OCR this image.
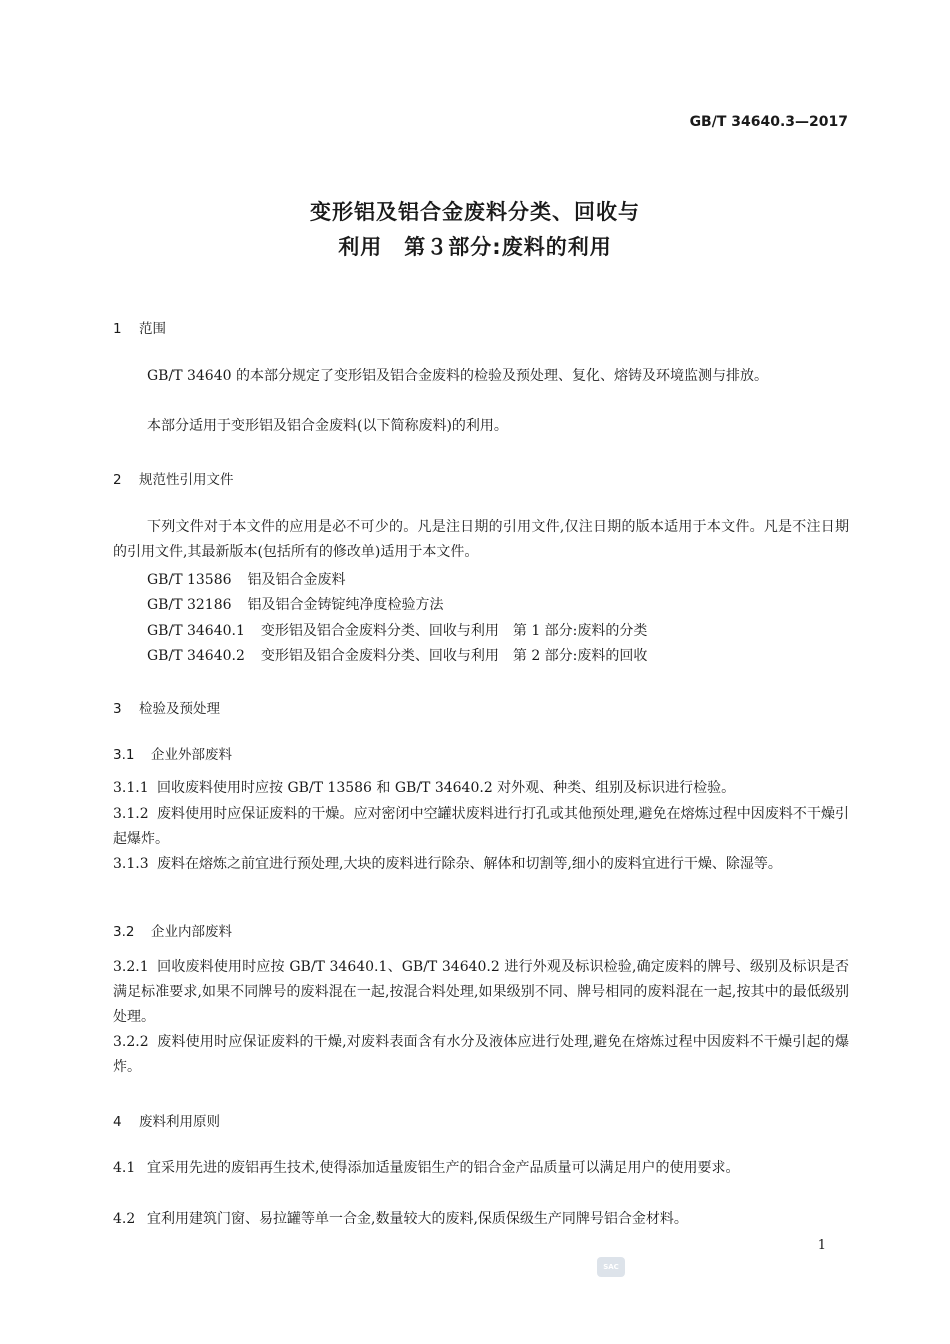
GB/T 34640.3—2017
变形铝及铝合金废料分类、回收与
利用　第３部分:废料的利用
1 范围
GB/T 34640 的本部分规定了变形铝及铝合金废料的检验及预处理、复化、熔铸及环境监测与排放。
本部分适用于变形铝及铝合金废料(以下简称废料)的利用。
2 规范性引用文件
下列文件对于本文件的应用是必不可少的。凡是注日期的引用文件,仅注日期的版本适用于本文件。凡是不注日期的引用文件,其最新版本(包括所有的修改单)适用于本文件。
GB/T 13586 铝及铝合金废料
GB/T 32186 铝及铝合金铸锭纯净度检验方法
GB/T 34640.1 变形铝及铝合金废料分类、回收与利用　第 1 部分:废料的分类
GB/T 34640.2 变形铝及铝合金废料分类、回收与利用　第 2 部分:废料的回收
3 检验及预处理
3.1 企业外部废料
3.1.1 回收废料使用时应按 GB/T 13586 和 GB/T 34640.2 对外观、种类、组别及标识进行检验。
3.1.2 废料使用时应保证废料的干燥。应对密闭中空罐状废料进行打孔或其他预处理,避免在熔炼过程中因废料不干燥引起爆炸。
3.1.3 废料在熔炼之前宜进行预处理,大块的废料进行除杂、解体和切割等,细小的废料宜进行干燥、除湿等。
3.2 企业内部废料
3.2.1 回收废料使用时应按 GB/T 34640.1、GB/T 34640.2 进行外观及标识检验,确定废料的牌号、级别及标识是否满足标准要求,如果不同牌号的废料混在一起,按混合料处理,如果级别不同、牌号相同的废料混在一起,按其中的最低级别处理。
3.2.2 废料使用时应保证废料的干燥,对废料表面含有水分及液体应进行处理,避免在熔炼过程中因废料不干燥引起的爆炸。
4 废料利用原则
4.1 宜采用先进的废铝再生技术,使得添加适量废铝生产的铝合金产品质量可以满足用户的使用要求。
4.2 宜利用建筑门窗、易拉罐等单一合金,数量较大的废料,保质保级生产同牌号铝合金材料。
1
SAC
